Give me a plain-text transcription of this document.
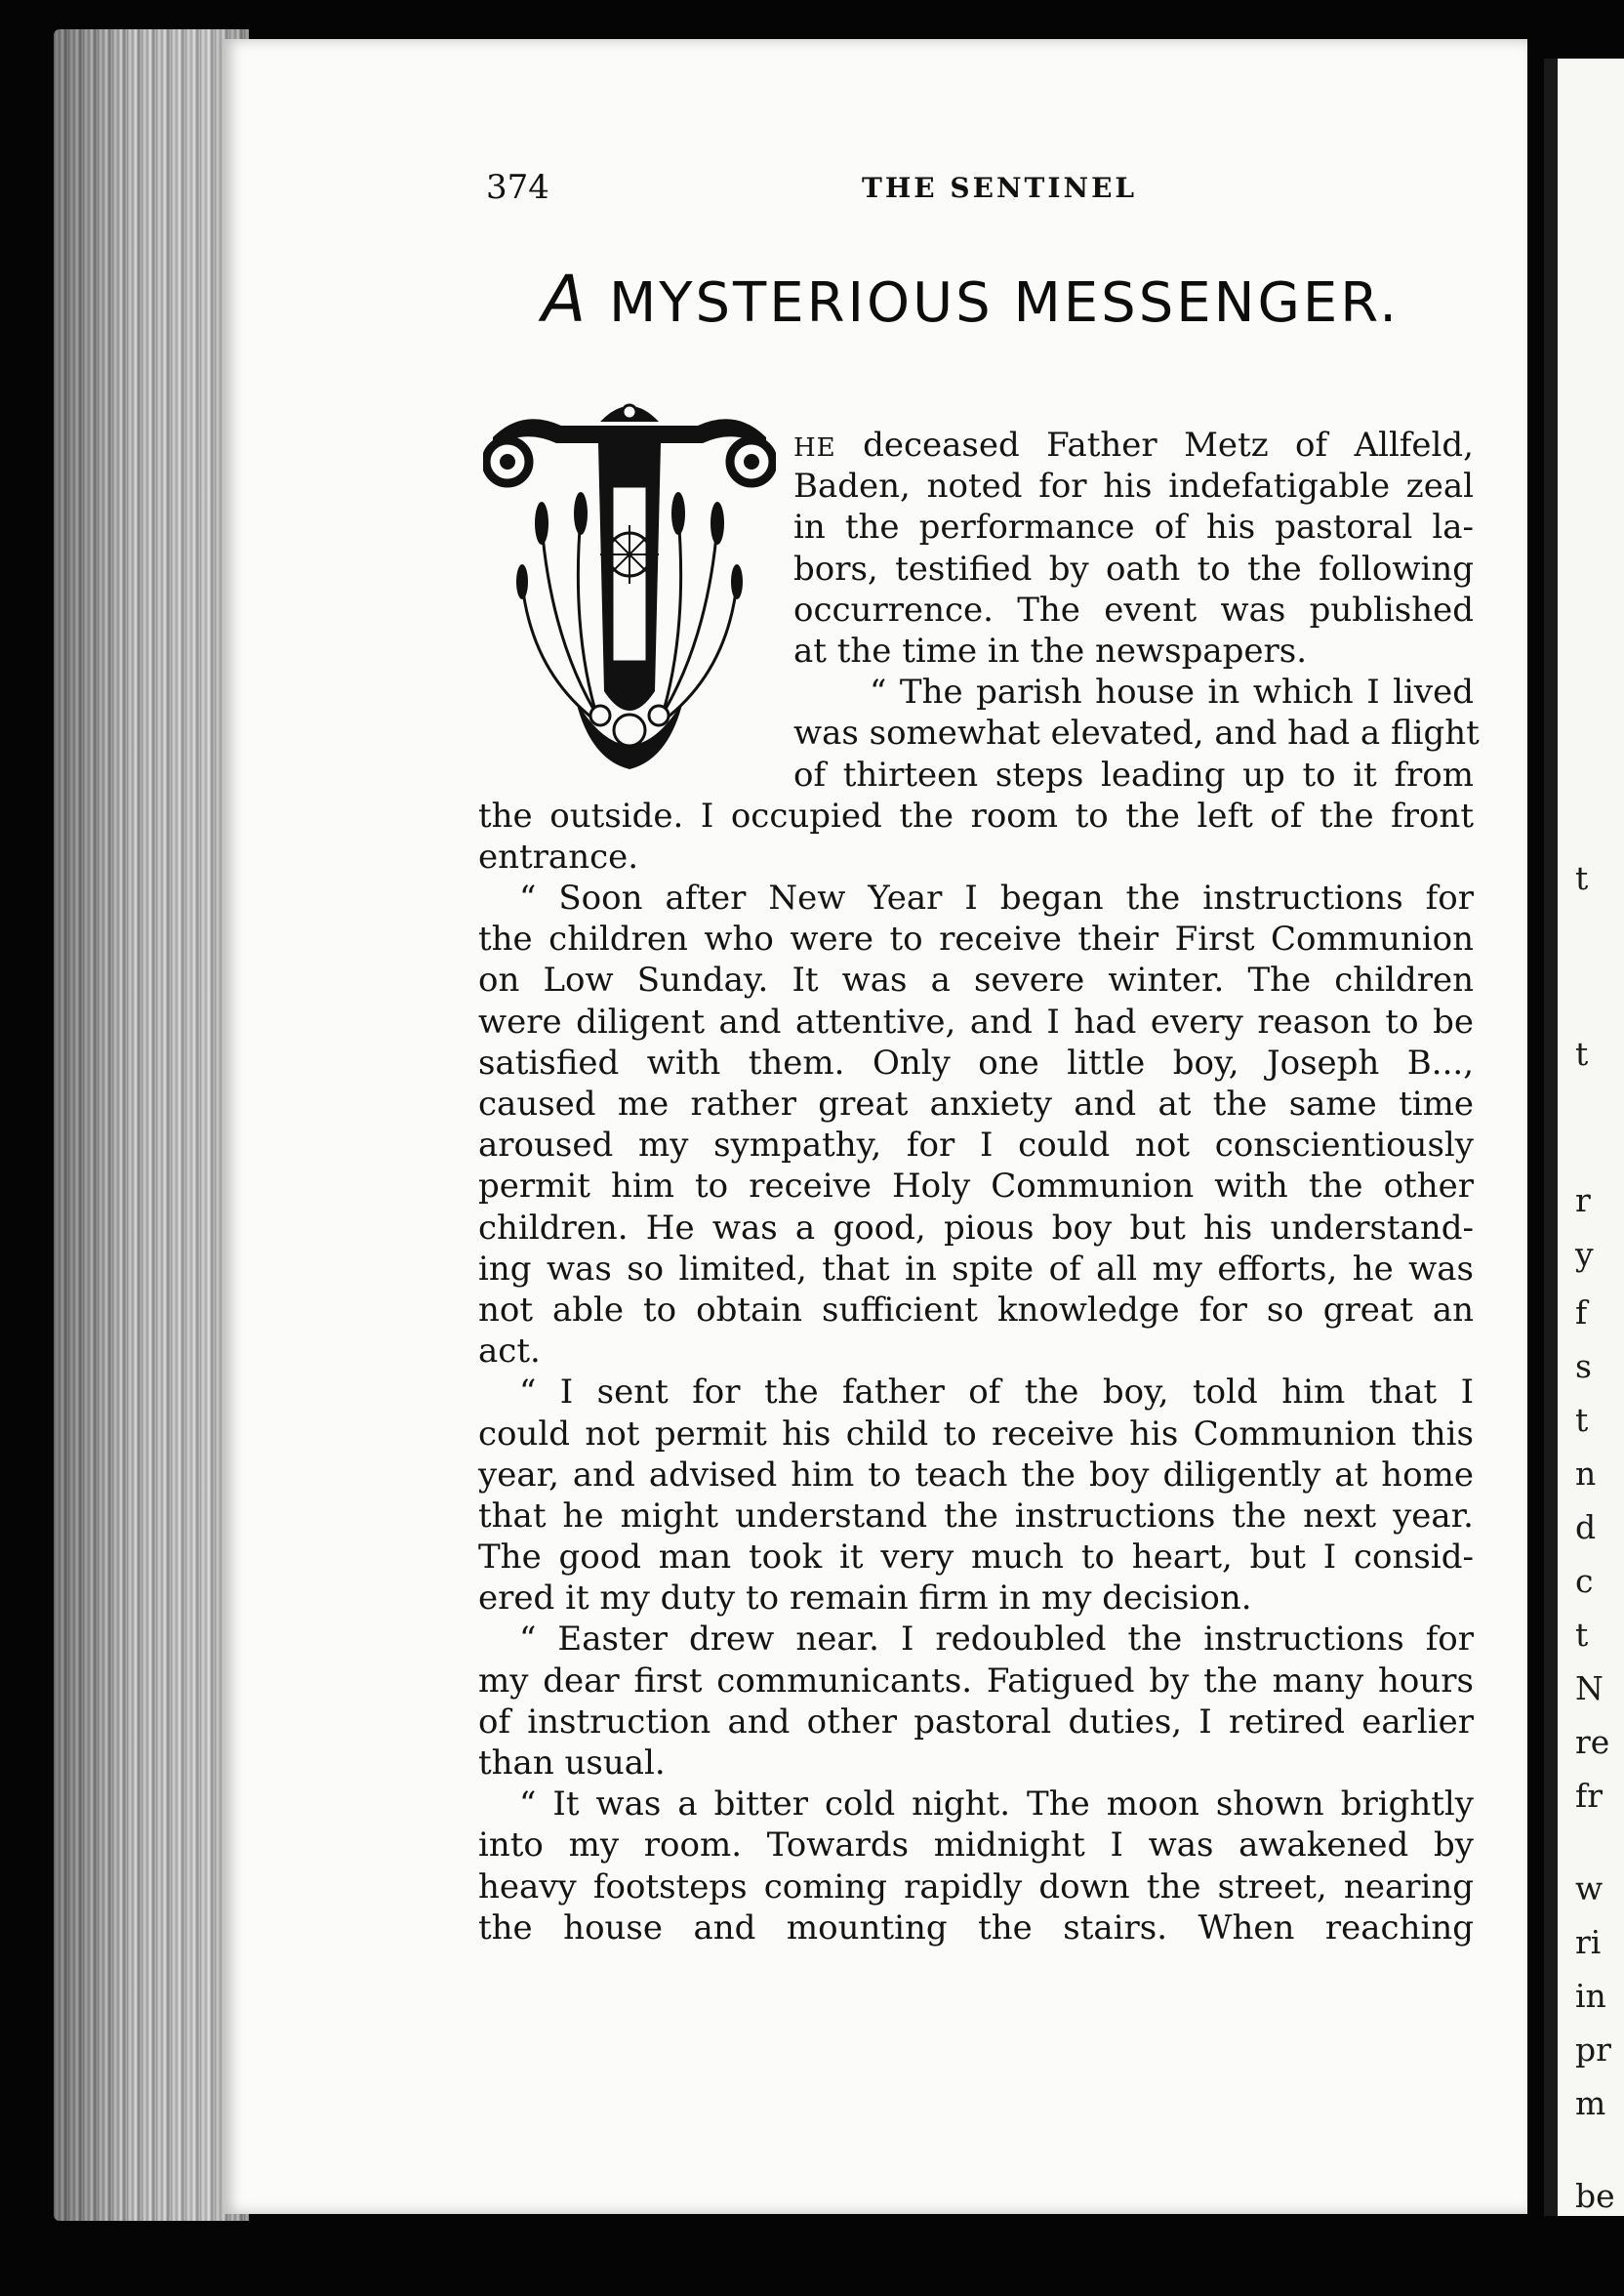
t
t
r
y
f
s
t
n
d
c
t
N
re
fr
w
ri
in
pr
m
be
374	THE SENTINEL
A MYSTERIOUS MESSENGER.
HE deceased Father Metz of Allfeld,
Baden, noted for his indefatigable zeal
in the performance of his pastoral la-
bors, testified by oath to the following
occurrence. The event was published
at the time in the newspapers.
“ The parish house in which I lived
was somewhat elevated, and had a flight
of thirteen steps leading up to it from
the outside. I occupied the room to the left of the front
entrance.
“ Soon after New Year I began the instructions for
the children who were to receive their First Communion
on Low Sunday. It was a severe winter. The children
were diligent and attentive, and I had every reason to be
satisfied with them. Only one little boy, Joseph B...,
caused me rather great anxiety and at the same time
aroused my sympathy, for I could not conscientiously
permit him to receive Holy Communion with the other
children. He was a good, pious boy but his understand-
ing was so limited, that in spite of all my efforts, he was
not able to obtain sufficient knowledge for so great an
act.
“ I sent for the father of the boy, told him that I
could not permit his child to receive his Communion this
year, and advised him to teach the boy diligently at home
that he might understand the instructions the next year.
The good man took it very much to heart, but I consid-
ered it my duty to remain firm in my decision.
“ Easter drew near. I redoubled the instructions for
my dear first communicants. Fatigued by the many hours
of instruction and other pastoral duties, I retired earlier
than usual.
“ It was a bitter cold night. The moon shown brightly
into my room. Towards midnight I was awakened by
heavy footsteps coming rapidly down the street, nearing
the house and mounting the stairs. When reaching
